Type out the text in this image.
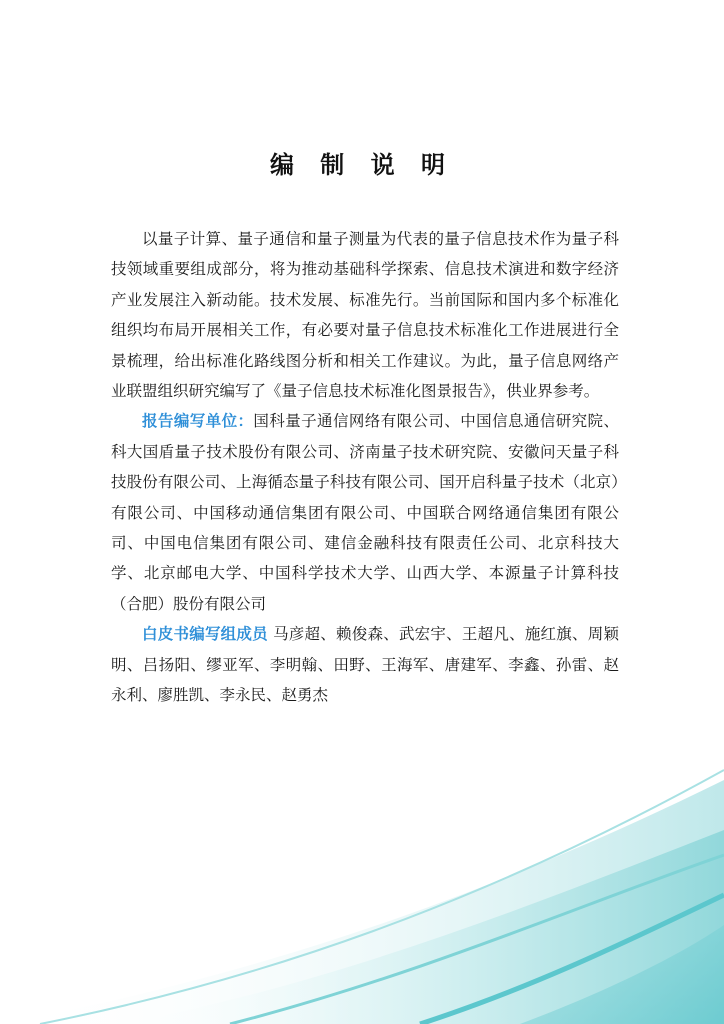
编 制 说 明

以量子计算、量子通信和量子测量为代表的量子信息技术作为量子科技领域重要组成部分，将为推动基础科学探索、信息技术演进和数字经济产业发展注入新动能。技术发展、标准先行。当前国际和国内多个标准化组织均布局开展相关工作，有必要对量子信息技术标准化工作进展进行全景梳理，给出标准化路线图分析和相关工作建议。为此，量子信息网络产业联盟组织研究编写了《量子信息技术标准化图景报告》，供业界参考。

报告编写单位：国科量子通信网络有限公司、中国信息通信研究院、科大国盾量子技术股份有限公司、济南量子技术研究院、安徽问天量子科技股份有限公司、上海循态量子科技有限公司、国开启科量子技术（北京）有限公司、中国移动通信集团有限公司、中国联合网络通信集团有限公司、中国电信集团有限公司、建信金融科技有限责任公司、北京科技大学、北京邮电大学、中国科学技术大学、山西大学、本源量子计算科技（合肥）股份有限公司

白皮书编写组成员 马彦超、赖俊森、武宏宇、王超凡、施红旗、周颖明、吕扬阳、缪亚军、李明翰、田野、王海军、唐建军、李鑫、孙雷、赵永利、廖胜凯、李永民、赵勇杰
